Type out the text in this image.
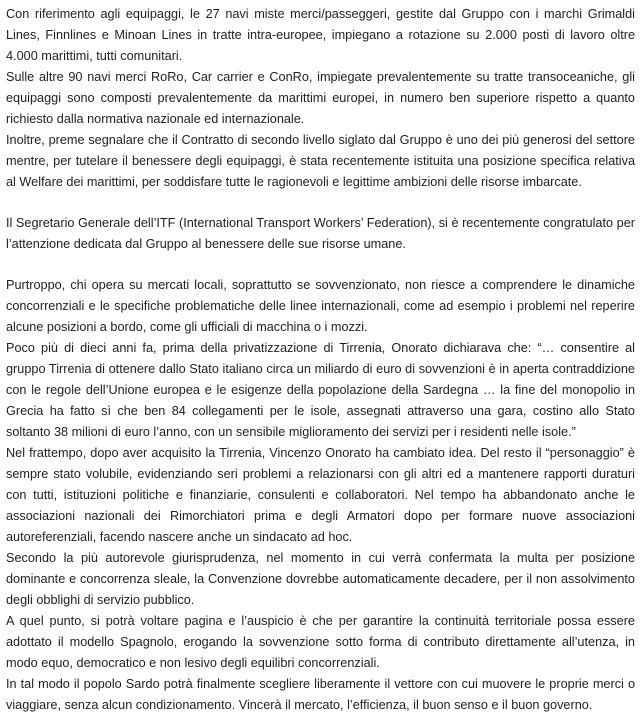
Con riferimento agli equipaggi, le 27 navi miste merci/passeggeri, gestite dal Gruppo con i marchi Grimaldi Lines, Finnlines e Minoan Lines in tratte intra-europee, impiegano a rotazione su 2.000 posti di lavoro oltre 4.000 marittimi, tutti comunitari.

Sulle altre 90 navi merci RoRo, Car carrier e ConRo, impiegate prevalentemente su tratte transoceaniche, gli equipaggi sono composti prevalentemente da marittimi europei, in numero ben superiore rispetto a quanto richiesto dalla normativa nazionale ed internazionale.

Inoltre, preme segnalare che il Contratto di secondo livello siglato dal Gruppo è uno dei più generosi del settore mentre, per tutelare il benessere degli equipaggi, è stata recentemente istituita una posizione specifica relativa al Welfare dei marittimi, per soddisfare tutte le ragionevoli e legittime ambizioni delle risorse imbarcate.

Il Segretario Generale dell’ITF (International Transport Workers’ Federation), si è recentemente congratulato per l’attenzione dedicata dal Gruppo al benessere delle sue risorse umane.

Purtroppo, chi opera su mercati locali, soprattutto se sovvenzionato, non riesce a comprendere le dinamiche concorrenziali e le specifiche problematiche delle linee internazionali, come ad esempio i problemi nel reperire alcune posizioni a bordo, come gli ufficiali di macchina o i mozzi.

Poco più di dieci anni fa, prima della privatizzazione di Tirrenia, Onorato dichiarava che: “… consentire al gruppo Tirrenia di ottenere dallo Stato italiano circa un miliardo di euro di sovvenzioni è in aperta contraddizione con le regole dell’Unione europea e le esigenze della popolazione della Sardegna … la fine del monopolio in Grecia ha fatto sì che ben 84 collegamenti per le isole, assegnati attraverso una gara, costino allo Stato soltanto 38 milioni di euro l’anno, con un sensibile miglioramento dei servizi per i residenti nelle isole.”

Nel frattempo, dopo aver acquisito la Tirrenia, Vincenzo Onorato ha cambiato idea. Del resto il “personaggio” è sempre stato volubile, evidenziando seri problemi a relazionarsi con gli altri ed a mantenere rapporti duraturi con tutti, istituzioni politiche e finanziarie, consulenti e collaboratori. Nel tempo ha abbandonato anche le associazioni nazionali dei Rimorchiatori prima e degli Armatori dopo per formare nuove associazioni autoreferenziali, facendo nascere anche un sindacato ad hoc.

Secondo la più autorevole giurisprudenza, nel momento in cui verrà confermata la multa per posizione dominante e concorrenza sleale, la Convenzione dovrebbe automaticamente decadere, per il non assolvimento degli obblighi di servizio pubblico.

A quel punto, si potrà voltare pagina e l’auspicio è che per garantire la continuità territoriale possa essere adottato il modello Spagnolo, erogando la sovvenzione sotto forma di contributo direttamente all’utenza, in modo equo, democratico e non lesivo degli equilibri concorrenziali.

In tal modo il popolo Sardo potrà finalmente scegliere liberamente il vettore con cui muovere le proprie merci o viaggiare, senza alcun condizionamento. Vincerà il mercato, l’efficienza, il buon senso e il buon governo.
